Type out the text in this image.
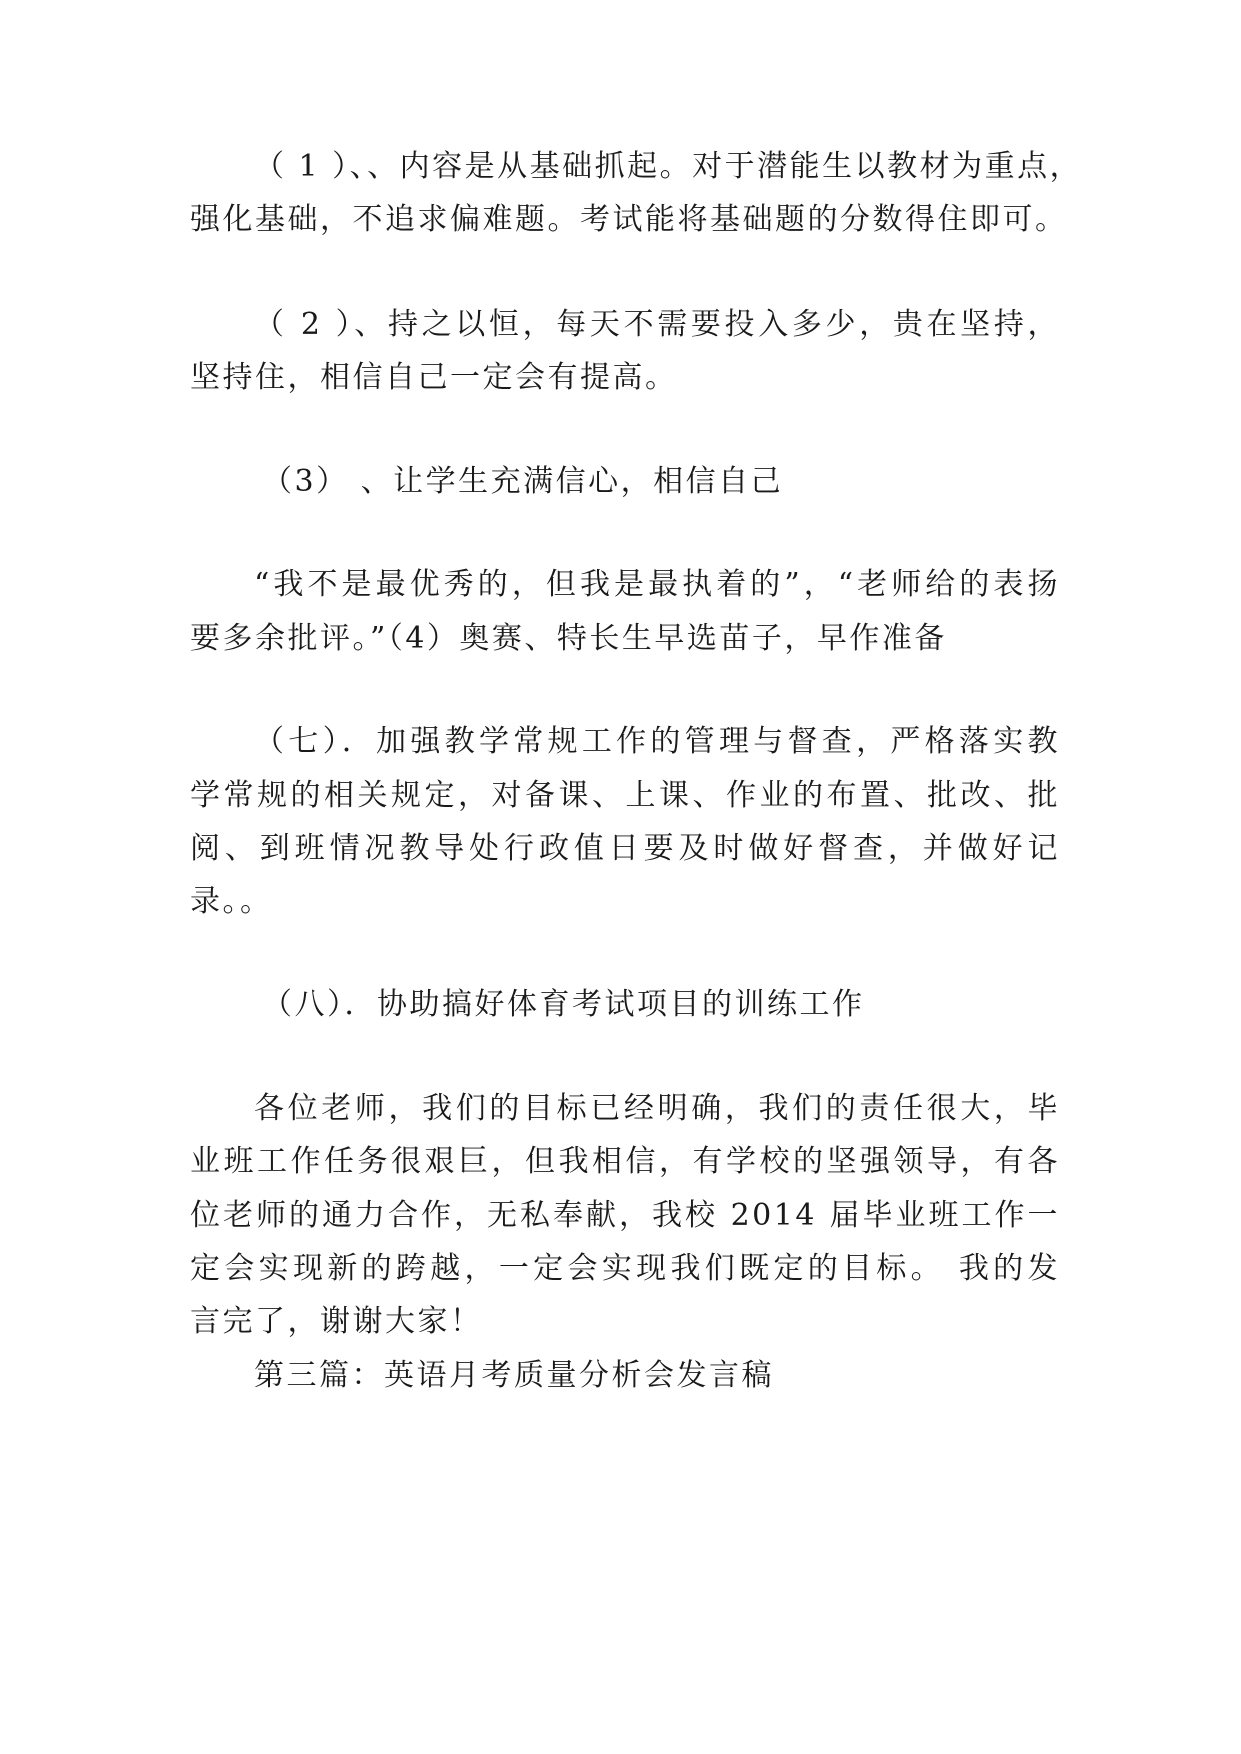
（ 1 ）、、内容是从基础抓起。对于潜能生以教材为重点，
强化基础，不追求偏难题。考试能将基础题的分数得住即可。
（ 2 ）、持之以恒，每天不需要投入多少，贵在坚持，
坚持住，相信自己一定会有提高。
（3） 、让学生充满信心，相信自己
“我不是最优秀的，但我是最执着的”，“老师给的表扬
要多余批评。”（4）奥赛、特长生早选苗子，早作准备
（七）．加强教学常规工作的管理与督查，严格落实教
学常规的相关规定，对备课、上课、作业的布置、批改、批
阅、到班情况教导处行政值日要及时做好督查，并做好记
录。。
（八）．协助搞好体育考试项目的训练工作
各位老师，我们的目标已经明确，我们的责任很大，毕
业班工作任务很艰巨，但我相信，有学校的坚强领导，有各
位老师的通力合作，无私奉献，我校 2014 届毕业班工作一
定会实现新的跨越，一定会实现我们既定的目标。 我的发
言完了，谢谢大家！
第三篇：英语月考质量分析会发言稿
